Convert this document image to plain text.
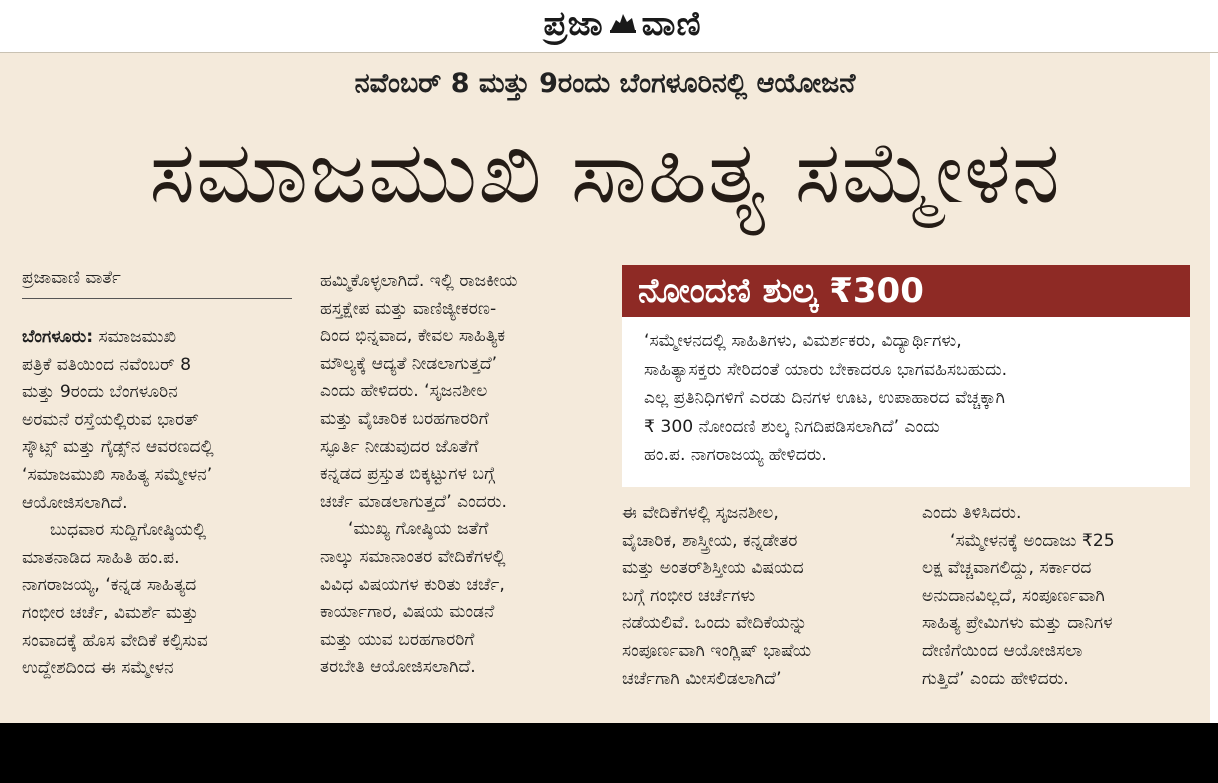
ಪ್ರಜಾ ವಾಣಿ
ನವೆಂಬರ್ 8 ಮತ್ತು 9ರಂದು ಬೆಂಗಳೂರಿನಲ್ಲಿ ಆಯೋಜನೆ
ಸಮಾಜಮುಖಿ ಸಾಹಿತ್ಯ ಸಮ್ಮೇಳನ
ಪ್ರಜಾವಾಣಿ ವಾರ್ತೆ

ಬೆಂಗಳೂರು: ಸಮಾಜಮುಖಿ

ಪತ್ರಿಕೆ ವತಿಯಿಂದ ನವೆಂಬರ್ 8

ಮತ್ತು 9ರಂದು ಬೆಂಗಳೂರಿನ

ಅರಮನೆ ರಸ್ತೆಯಲ್ಲಿರುವ ಭಾರತ್

ಸ್ಕೌಟ್ಸ್ ಮತ್ತು ಗೈಡ್ಸ್‌ನ ಆವರಣದಲ್ಲಿ

‘ಸಮಾಜಮುಖಿ ಸಾಹಿತ್ಯ ಸಮ್ಮೇಳನ’

ಆಯೋಜಿಸಲಾಗಿದೆ.

ಬುಧವಾರ ಸುದ್ದಿಗೋಷ್ಠಿಯಲ್ಲಿ

ಮಾತನಾಡಿದ ಸಾಹಿತಿ ಹಂ.ಪ.

ನಾಗರಾಜಯ್ಯ, ‘ಕನ್ನಡ ಸಾಹಿತ್ಯದ

ಗಂಭೀರ ಚರ್ಚೆ, ವಿಮರ್ಶೆ ಮತ್ತು

ಸಂವಾದಕ್ಕೆ ಹೊಸ ವೇದಿಕೆ ಕಲ್ಪಿಸುವ

ಉದ್ದೇಶದಿಂದ ಈ ಸಮ್ಮೇಳನ

ಹಮ್ಮಿಕೊಳ್ಳಲಾಗಿದೆ. ಇಲ್ಲಿ ರಾಜಕೀಯ

ಹಸ್ತಕ್ಷೇಪ ಮತ್ತು ವಾಣಿಜ್ಯೀಕರಣ-

ದಿಂದ ಭಿನ್ನವಾದ, ಕೇವಲ ಸಾಹಿತ್ಯಿಕ

ಮೌಲ್ಯಕ್ಕೆ ಆದ್ಯತೆ ನೀಡಲಾಗುತ್ತದೆ’

ಎಂದು ಹೇಳಿದರು. ‘ಸೃಜನಶೀಲ

ಮತ್ತು ವೈಚಾರಿಕ ಬರಹಗಾರರಿಗೆ

ಸ್ಫೂರ್ತಿ ನೀಡುವುದರ ಜೊತೆಗೆ

ಕನ್ನಡದ ಪ್ರಸ್ತುತ ಬಿಕ್ಕಟ್ಟುಗಳ ಬಗ್ಗೆ

ಚರ್ಚೆ ಮಾಡಲಾಗುತ್ತದೆ’ ಎಂದರು.

‘ಮುಖ್ಯ ಗೋಷ್ಠಿಯ ಜತೆಗೆ

ನಾಲ್ಕು ಸಮಾನಾಂತರ ವೇದಿಕೆಗಳಲ್ಲಿ

ವಿವಿಧ ವಿಷಯಗಳ ಕುರಿತು ಚರ್ಚೆ,

ಕಾರ್ಯಾಗಾರ, ವಿಷಯ ಮಂಡನೆ

ಮತ್ತು ಯುವ ಬರಹಗಾರರಿಗೆ

ತರಬೇತಿ ಆಯೋಜಿಸಲಾಗಿದೆ.

ನೋಂದಣಿ ಶುಲ್ಕ ₹300
‘ಸಮ್ಮೇಳನದಲ್ಲಿ ಸಾಹಿತಿಗಳು, ವಿಮರ್ಶಕರು, ವಿದ್ಯಾರ್ಥಿಗಳು,
ಸಾಹಿತ್ಯಾಸಕ್ತರು ಸೇರಿದಂತೆ ಯಾರು ಬೇಕಾದರೂ ಭಾಗವಹಿಸಬಹುದು.
ಎಲ್ಲ ಪ್ರತಿನಿಧಿಗಳಿಗೆ ಎರಡು ದಿನಗಳ ಊಟ, ಉಪಾಹಾರದ ವೆಚ್ಚಕ್ಕಾಗಿ
₹ 300 ನೋಂದಣಿ ಶುಲ್ಕ ನಿಗದಿಪಡಿಸಲಾಗಿದೆ’ ಎಂದು
ಹಂ.ಪ. ನಾಗರಾಜಯ್ಯ ಹೇಳಿದರು.

ಈ ವೇದಿಕೆಗಳಲ್ಲಿ ಸೃಜನಶೀಲ,

ವೈಚಾರಿಕ, ಶಾಸ್ತ್ರೀಯ, ಕನ್ನಡೇತರ

ಮತ್ತು ಅಂತರ್‌ಶಿಸ್ತೀಯ ವಿಷಯದ

ಬಗ್ಗೆ ಗಂಭೀರ ಚರ್ಚೆಗಳು

ನಡೆಯಲಿವೆ. ಒಂದು ವೇದಿಕೆಯನ್ನು

ಸಂಪೂರ್ಣವಾಗಿ ಇಂಗ್ಲಿಷ್ ಭಾಷೆಯ

ಚರ್ಚೆಗಾಗಿ ಮೀಸಲಿಡಲಾಗಿದೆ’

ಎಂದು ತಿಳಿಸಿದರು.

‘ಸಮ್ಮೇಳನಕ್ಕೆ ಅಂದಾಜು ₹25

ಲಕ್ಷ ವೆಚ್ಚವಾಗಲಿದ್ದು, ಸರ್ಕಾರದ

ಅನುದಾನವಿಲ್ಲದೆ, ಸಂಪೂರ್ಣವಾಗಿ

ಸಾಹಿತ್ಯ ಪ್ರೇಮಿಗಳು ಮತ್ತು ದಾನಿಗಳ

ದೇಣಿಗೆಯಿಂದ ಆಯೋಜಿಸಲಾ

ಗುತ್ತಿದೆ’ ಎಂದು ಹೇಳಿದರು.
